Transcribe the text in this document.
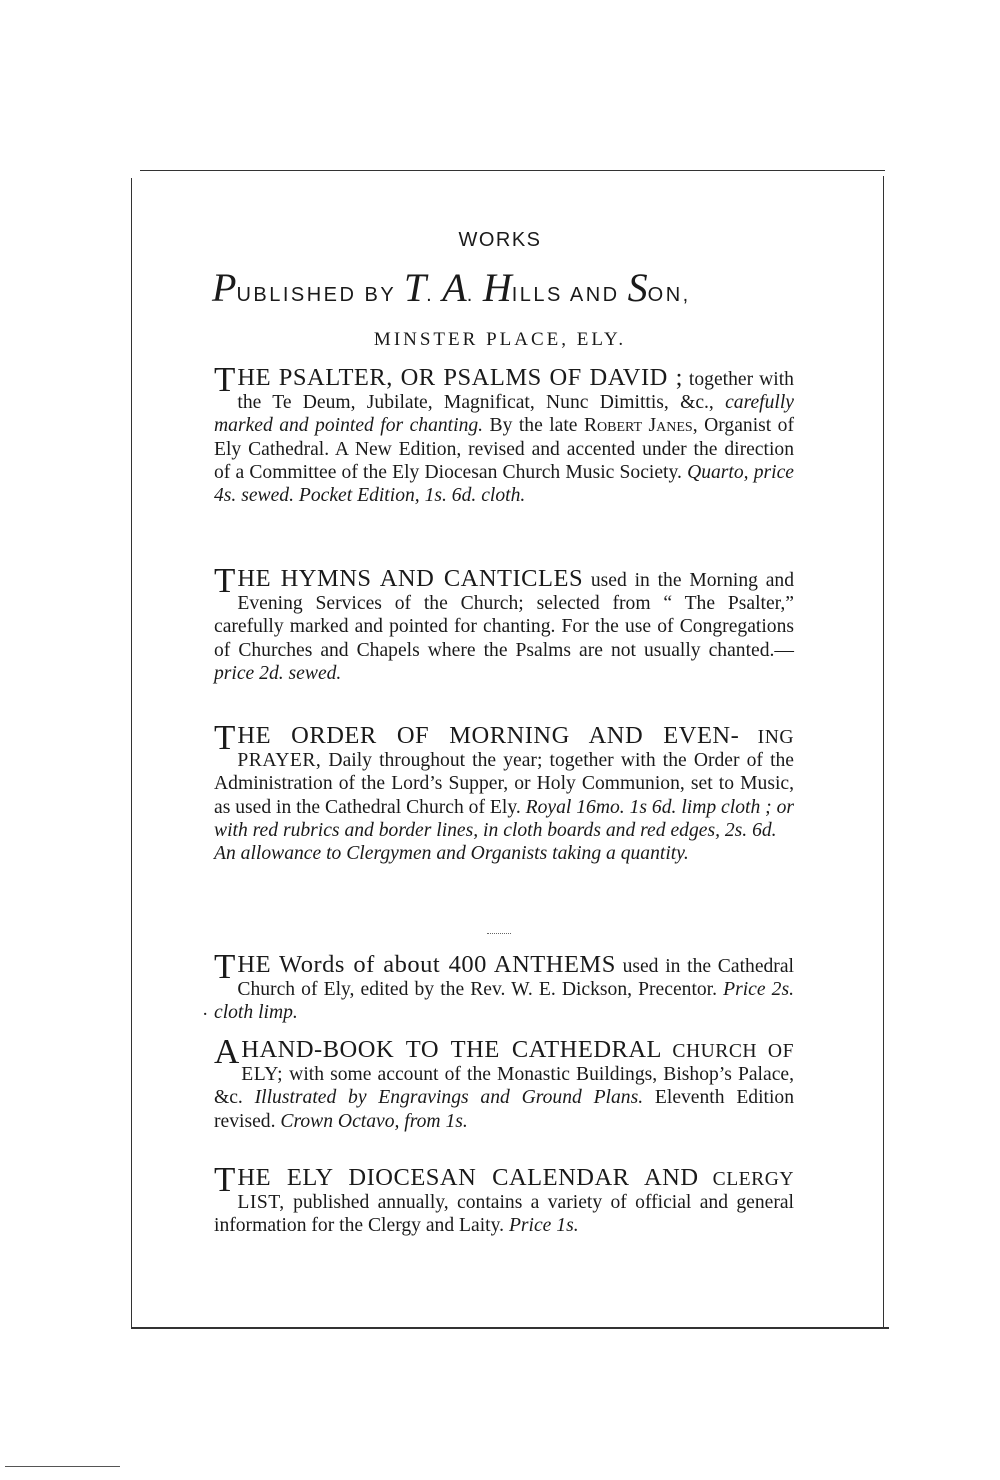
WORKS
PUBLISHED BY T. A. HILLS AND SON,
MINSTER PLACE, ELY.
T HE PSALTER, OR PSALMS OF DAVID ; together with the Te Deum, Jubilate, Magnificat, Nunc Dimittis, &c., carefully marked and pointed for chanting. By the late Robert Janes, Organist of Ely Cathedral. A New Edition, revised and accented under the direction of a Committee of the Ely Diocesan Church Music Society. Quarto, price 4s. sewed. Pocket Edition, 1s. 6d. cloth.
T HE HYMNS AND CANTICLES used in the Morning and Evening Services of the Church; selected from “ The Psalter,” carefully marked and pointed for chanting. For the use of Congregations of Churches and Chapels where the Psalms are not usually chanted.— price 2d. sewed.
T HE ORDER OF MORNING AND EVEN- ING PRAYER, Daily throughout the year; together with the Order of the Administration of the Lord’s Supper, or Holy Communion, set to Music, as used in the Cathedral Church of Ely. Royal 16mo. 1s 6d. limp cloth ; or with red rubrics and border lines, in cloth boards and red edges, 2s. 6d.
An allowance to Clergymen and Organists taking a quantity.
T HE Words of about 400 ANTHEMS used in the Cathedral Church of Ely, edited by the Rev. W. E. Dickson, Precentor. Price 2s. cloth limp.
·
A HAND-BOOK TO THE CATHEDRAL CHURCH OF ELY; with some account of the Monastic Buildings, Bishop’s Palace, &c. Illustrated by Engravings and Ground Plans. Eleventh Edition revised. Crown Octavo, from 1s.
T HE ELY DIOCESAN CALENDAR AND CLERGY LIST, published annually, contains a variety of official and general information for the Clergy and Laity. Price 1s.
